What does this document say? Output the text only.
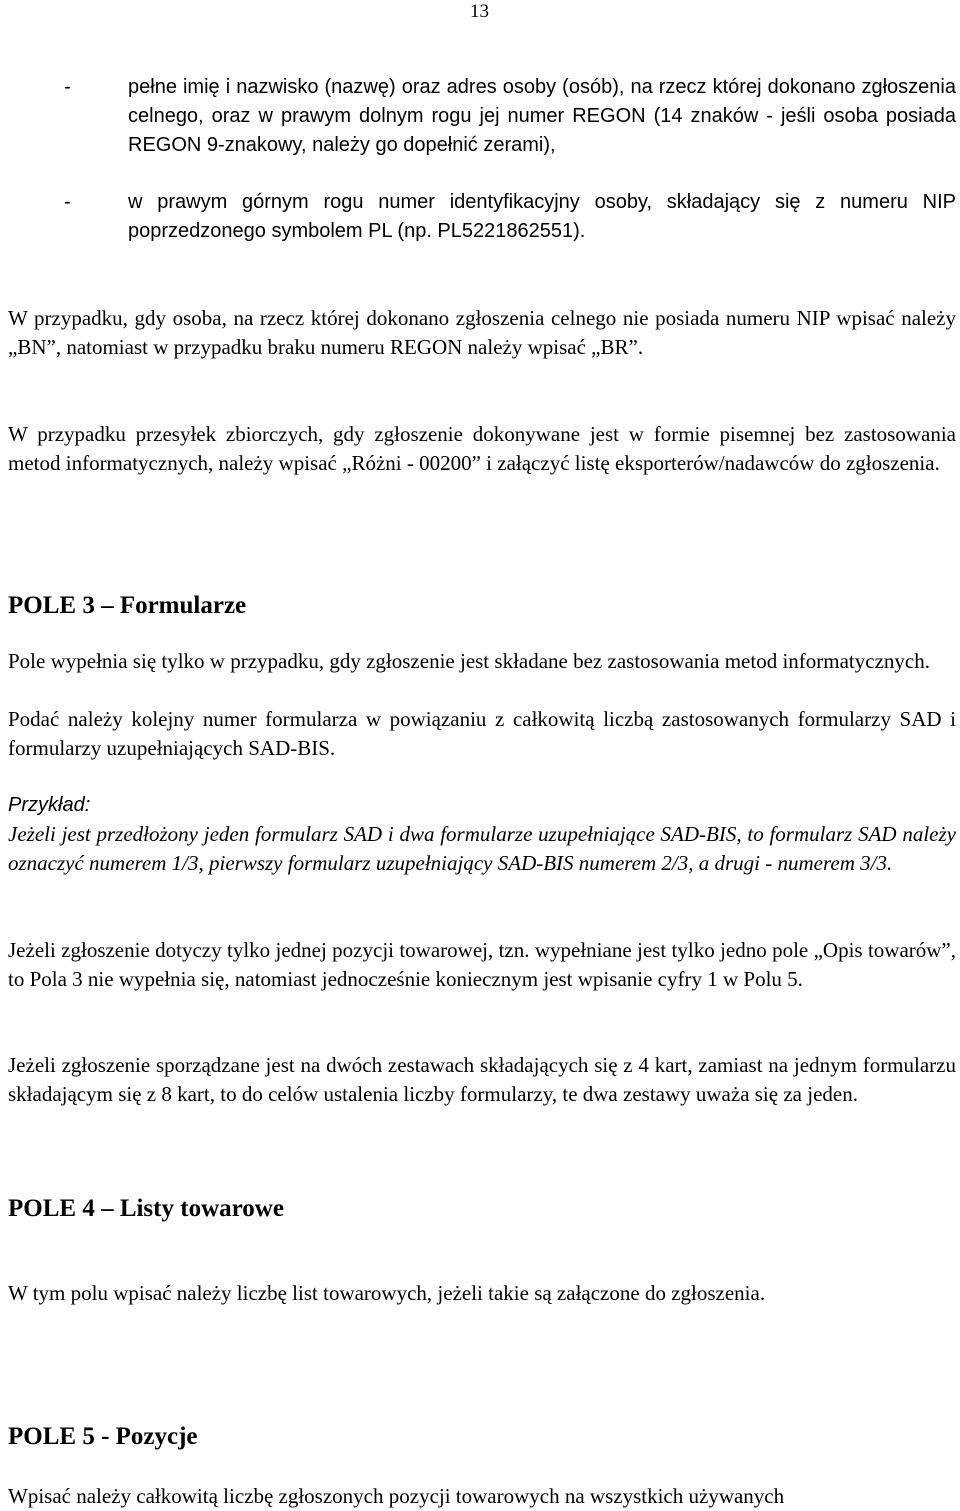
13
-	pełne imię i nazwisko (nazwę) oraz adres osoby (osób), na rzecz której dokonano zgłoszenia celnego, oraz w prawym dolnym rogu jej numer REGON (14 znaków - jeśli osoba posiada REGON 9-znakowy, należy go dopełnić zerami),
-	w prawym górnym rogu numer identyfikacyjny osoby, składający się z numeru NIP poprzedzonego symbolem PL (np. PL5221862551).

W przypadku, gdy osoba, na rzecz której dokonano zgłoszenia celnego nie posiada numeru NIP wpisać należy „BN”, natomiast w przypadku braku numeru REGON należy wpisać „BR”.

W przypadku przesyłek zbiorczych, gdy zgłoszenie dokonywane jest w formie pisemnej bez zastosowania metod informatycznych, należy wpisać „Różni - 00200” i załączyć listę eksporterów/nadawców do zgłoszenia.

POLE 3 – Formularze

Pole wypełnia się tylko w przypadku, gdy zgłoszenie jest składane bez zastosowania metod informatycznych.

Podać należy kolejny numer formularza w powiązaniu z całkowitą liczbą zastosowanych formularzy SAD i formularzy uzupełniających SAD-BIS.

Przykład:

Jeżeli jest przedłożony jeden formularz SAD i dwa formularze uzupełniające SAD-BIS, to formularz SAD należy oznaczyć numerem 1/3, pierwszy formularz uzupełniający SAD-BIS numerem 2/3, a drugi - numerem 3/3.

Jeżeli zgłoszenie dotyczy tylko jednej pozycji towarowej, tzn. wypełniane jest tylko jedno pole „Opis towarów”, to Pola 3 nie wypełnia się, natomiast jednocześnie koniecznym jest wpisanie cyfry 1 w Polu 5.

Jeżeli zgłoszenie sporządzane jest na dwóch zestawach składających się z 4 kart, zamiast na jednym formularzu składającym się z 8 kart, to do celów ustalenia liczby formularzy, te dwa zestawy uważa się za jeden.

POLE 4 – Listy towarowe

W tym polu wpisać należy liczbę list towarowych, jeżeli takie są załączone do zgłoszenia.

POLE 5 - Pozycje

Wpisać należy całkowitą liczbę zgłoszonych pozycji towarowych na wszystkich używanych
